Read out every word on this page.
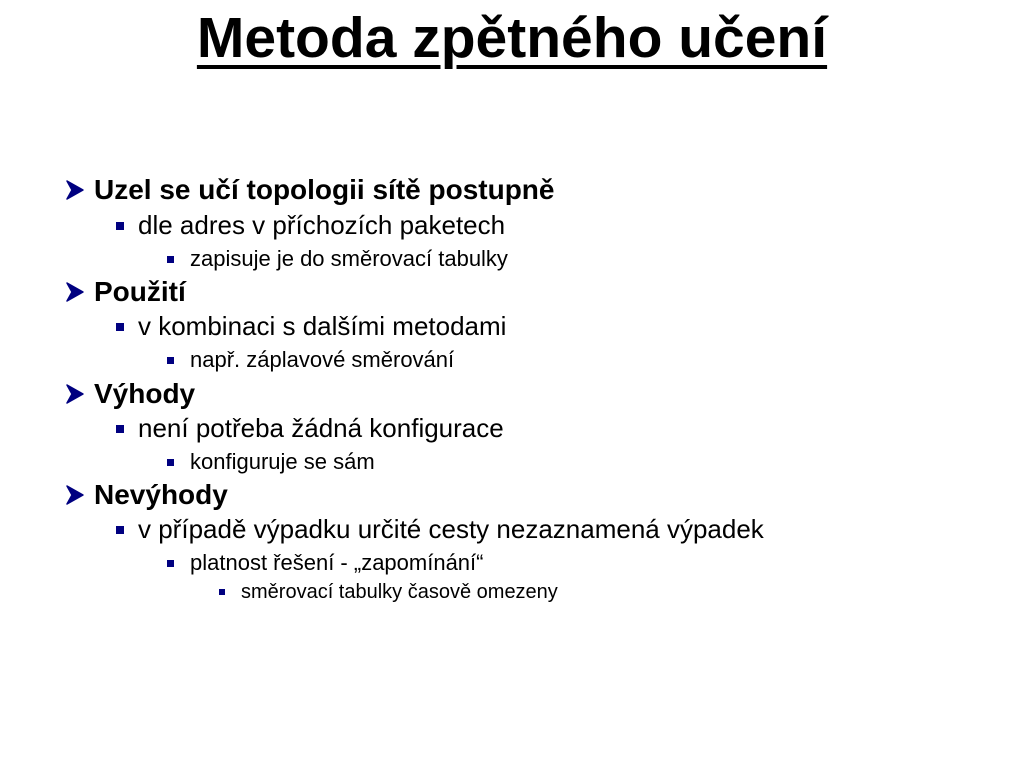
Metoda zpětného učení
Uzel se učí topologii sítě postupně
dle adres v příchozích paketech
zapisuje je do směrovací tabulky
Použití
v kombinaci s dalšími metodami
např. záplavové směrování
Výhody
není potřeba žádná konfigurace
konfiguruje se sám
Nevýhody
v případě výpadku určité cesty nezaznamená výpadek
platnost řešení - „zapomínání“
směrovací tabulky časově omezeny
